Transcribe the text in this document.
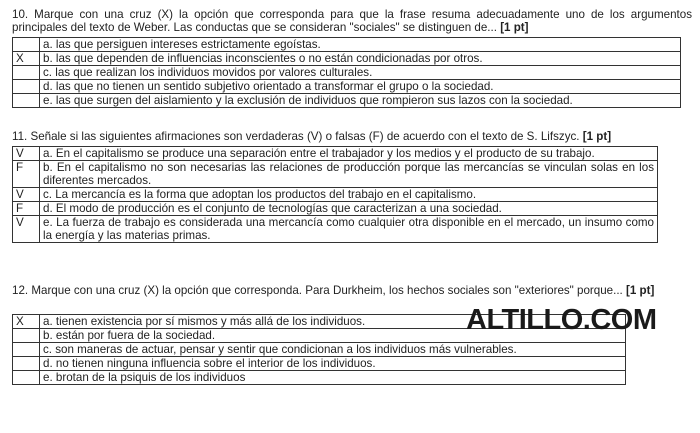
10. Marque con una cruz (X) la opción que corresponda para que la frase resuma adecuadamente uno de los argumentos principales del texto de Weber. Las conductas que se consideran "sociales" se distinguen de... [1 pt]
	a. las que persiguen intereses estrictamente egoístas.
X	b. las que dependen de influencias inconscientes o no están condicionadas por otros.
	c. las que realizan los individuos movidos por valores culturales.
	d. las que no tienen un sentido subjetivo orientado a transformar el grupo o la sociedad.
	e. las que surgen del aislamiento y la exclusión de individuos que rompieron sus lazos con la sociedad.
11. Señale si las siguientes afirmaciones son verdaderas (V) o falsas (F) de acuerdo con el texto de S. Lifszyc. [1 pt]
V	a. En el capitalismo se produce una separación entre el trabajador y los medios y el producto de su trabajo.
F	b. En el capitalismo no son necesarias las relaciones de producción porque las mercancías se vinculan solas en los diferentes mercados.
V	c. La mercancía es la forma que adoptan los productos del trabajo en el capitalismo.
F	d. El modo de producción es el conjunto de tecnologías que caracterizan a una sociedad.
V	e. La fuerza de trabajo es considerada una mercancía como cualquier otra disponible en el mercado, un insumo como la energía y las materias primas.
12. Marque con una cruz (X) la opción que corresponda. Para Durkheim, los hechos sociales son "exteriores" porque... [1 pt]
X	a. tienen existencia por sí mismos y más allá de los individuos.
	b. están por fuera de la sociedad.
	c. son maneras de actuar, pensar y sentir que condicionan a los individuos más vulnerables.
	d. no tienen ninguna influencia sobre el interior de los individuos.
	e. brotan de la psiquis de los individuos
ALTILLO.COM
